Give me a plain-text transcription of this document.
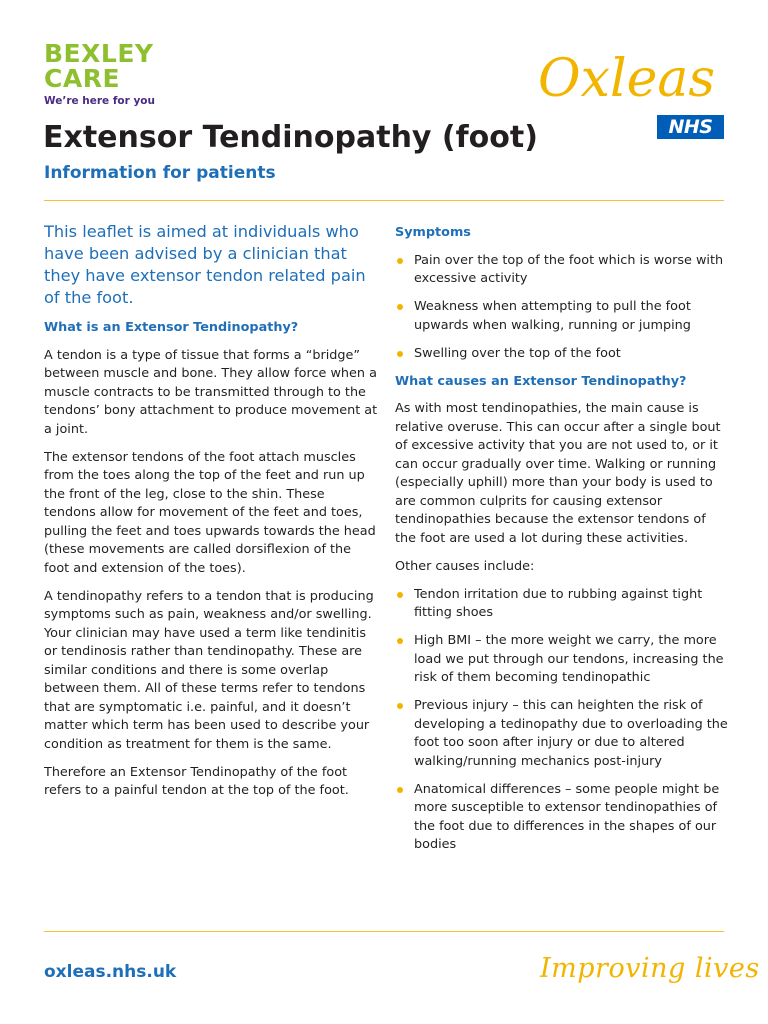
BEXLEY
CARE
We’re here for you	Oxleas
NHS
Extensor Tendinopathy (foot)
Information for patients
This leaflet is aimed at individuals who have been advised by a clinician that they have extensor tendon related pain of the foot.
What is an Extensor Tendinopathy?

A tendon is a type of tissue that forms a “bridge” between muscle and bone. They allow force when a muscle contracts to be transmitted through to the tendons’ bony attachment to produce movement at a joint.

The extensor tendons of the foot attach muscles from the toes along the top of the feet and run up the front of the leg, close to the shin. These tendons allow for movement of the feet and toes, pulling the feet and toes upwards towards the head (these movements are called dorsiflexion of the foot and extension of the toes).

A tendinopathy refers to a tendon that is producing symptoms such as pain, weakness and/or swelling. Your clinician may have used a term like tendinitis or tendinosis rather than tendinopathy. These are similar conditions and there is some overlap between them. All of these terms refer to tendons that are symptomatic i.e. painful, and it doesn’t matter which term has been used to describe your condition as treatment for them is the same.

Therefore an Extensor Tendinopathy of the foot refers to a painful tendon at the top of the foot.

Symptoms
Pain over the top of the foot which is worse with excessive activity
Weakness when attempting to pull the foot upwards when walking, running or jumping
Swelling over the top of the foot
What causes an Extensor Tendinopathy?

As with most tendinopathies, the main cause is relative overuse. This can occur after a single bout of excessive activity that you are not used to, or it can occur gradually over time. Walking or running (especially uphill) more than your body is used to are common culprits for causing extensor tendinopathies because the extensor tendons of the foot are used a lot during these activities.

Other causes include:

Tendon irritation due to rubbing against tight fitting shoes
High BMI – the more weight we carry, the more load we put through our tendons, increasing the risk of them becoming tendinopathic
Previous injury – this can heighten the risk of developing a tedinopathy due to overloading the foot too soon after injury or due to altered walking/running mechanics post-injury
Anatomical differences – some people might be more susceptible to extensor tendinopathies of the foot due to differences in the shapes of our bodies
oxleas.nhs.uk	Improving lives
